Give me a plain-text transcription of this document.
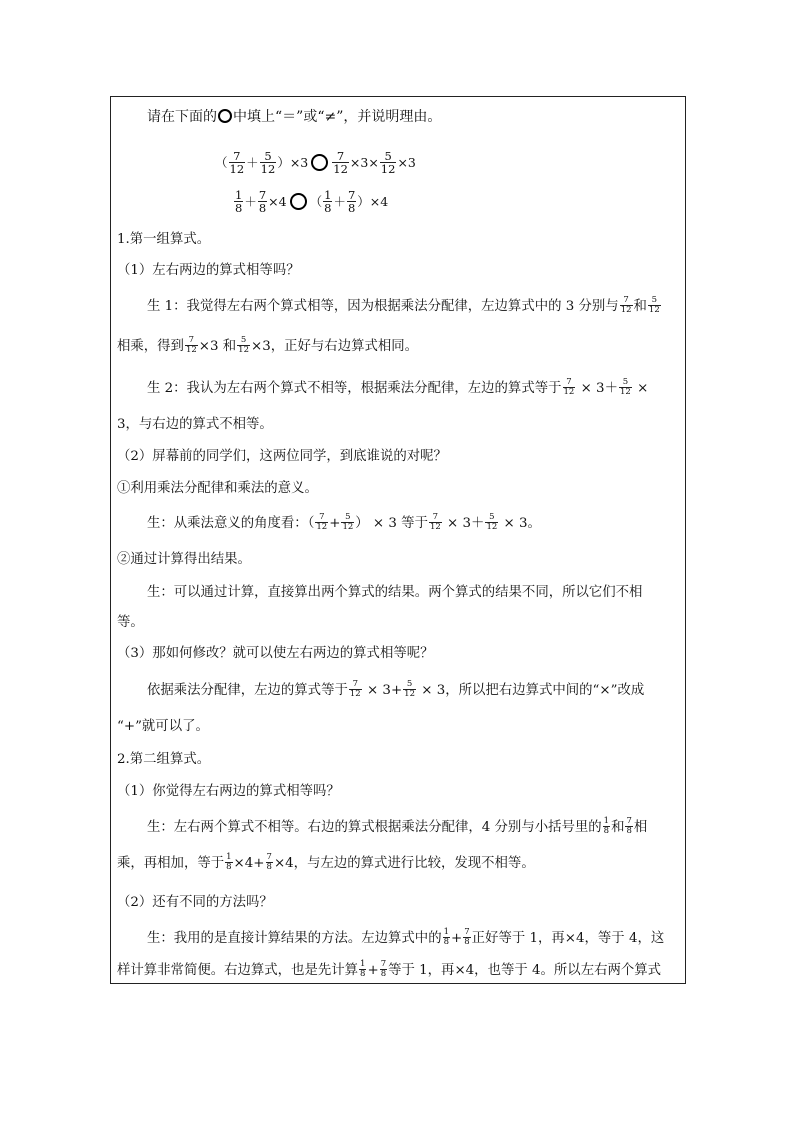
请在下面的 中填上“＝”或“≠”，并说明理由。
（ $\frac{7}{12} + \frac{5}{12} )\times 3 \frac{7}{12} \times 3\times \frac{5}{12} \times 3$
$\frac{1}{8} + \frac{7}{8} \times 4$ （ $\frac{1}{8} + \frac{7}{8} )\times 4$
1.第一组算式。
（1）左右两边的算式相等吗？
生 1：我觉得左右两个算式相等，因为根据乘法分配律，左边算式中的 3 分别与 $\frac{7}{12}$ 和 $\frac{5}{12}$
相乘，得到 $\frac{7}{12} \times 3$ 和 $\frac{5}{12} \times 3$，正好与右边算式相同。
生 2：我认为左右两个算式不相等，根据乘法分配律，左边的算式等于 $\frac{7}{12} \times 3+ \frac{5}{12}$ ×
3，与右边的算式不相等。
（2）屏幕前的同学们，这两位同学，到底谁说的对呢？
①利用乘法分配律和乘法的意义。
生：从乘法意义的角度看：（ $\frac{7}{12} + \frac{5}{12}$ ） × 3 等于 $\frac{7}{12} \times 3+ \frac{5}{12} \times 3$。
②通过计算得出结果。
生：可以通过计算，直接算出两个算式的结果。两个算式的结果不同，所以它们不相
等。
（3）那如何修改？就可以使左右两边的算式相等呢？
依据乘法分配律，左边的算式等于 $\frac{7}{12} \times 3+ \frac{5}{12} \times 3$，所以把右边算式中间的“×”改成
“+”就可以了。
2.第二组算式。
（1）你觉得左右两边的算式相等吗？
生：左右两个算式不相等。右边的算式根据乘法分配律，4 分别与小括号里的 $\frac{1}{8}$ 和 $\frac{7}{8}$ 相
乘，再相加，等于 $\frac{1}{8} \times 4+ \frac{7}{8} \times 4$，与左边的算式进行比较，发现不相等。
（2）还有不同的方法吗？
生：我用的是直接计算结果的方法。左边算式中的 $\frac{1}{8} + \frac{7}{8}$ 正好等于 1，再×4，等于 4，这
样计算非常简便。右边算式，也是先计算 $\frac{1}{8} + \frac{7}{8}$ 等于 1，再×4，也等于 4。所以左右两个算式
